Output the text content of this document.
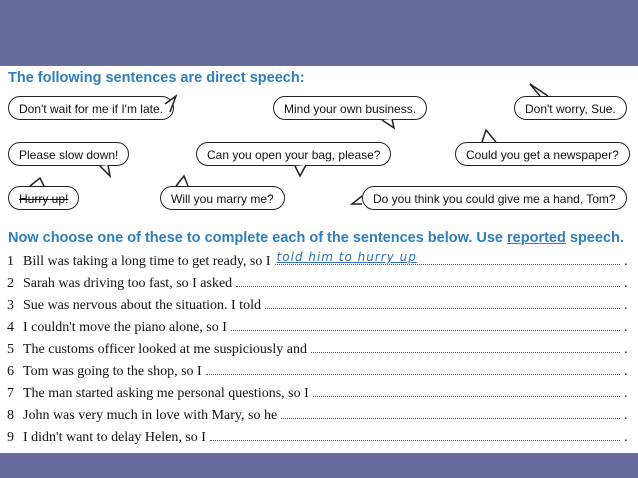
The following sentences are direct speech:
Don't wait for me if I'm late.	Mind your own business.	Don't worry, Sue.
Please slow down!	Can you open your bag, please?	Could you get a newspaper?
Hurry up!	Will you marry me?	Do you think you could give me a hand, Tom?
Now choose one of these to complete each of the sentences below. Use reported speech.
1 Bill was taking a long time to get ready, so I told him to hurry up	.
2 Sarah was driving too fast, so I asked	.
3 Sue was nervous about the situation. I told	.
4 I couldn't move the piano alone, so I	.
5 The customs officer looked at me suspiciously and	.
6 Tom was going to the shop, so I	.
7 The man started asking me personal questions, so I	.
8 John was very much in love with Mary, so he	.
9 I didn't want to delay Helen, so I	.
